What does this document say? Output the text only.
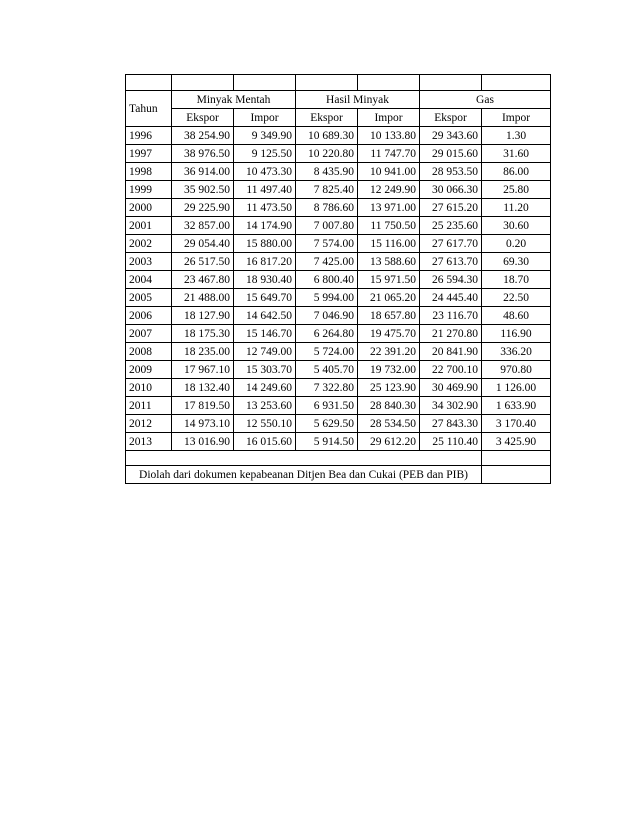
Tahun	Minyak Mentah		Hasil Minyak		Gas	
	Ekspor	Impor	Ekspor	Impor	Ekspor	Impor
1996	38 254.90	9 349.90	10 689.30	10 133.80	29 343.60	1.30
1997	38 976.50	9 125.50	10 220.80	11 747.70	29 015.60	31.60
1998	36 914.00	10 473.30	8 435.90	10 941.00	28 953.50	86.00
1999	35 902.50	11 497.40	7 825.40	12 249.90	30 066.30	25.80
2000	29 225.90	11 473.50	8 786.60	13 971.00	27 615.20	11.20
2001	32 857.00	14 174.90	7 007.80	11 750.50	25 235.60	30.60
2002	29 054.40	15 880.00	7 574.00	15 116.00	27 617.70	0.20
2003	26 517.50	16 817.20	7 425.00	13 588.60	27 613.70	69.30
2004	23 467.80	18 930.40	6 800.40	15 971.50	26 594.30	18.70
2005	21 488.00	15 649.70	5 994.00	21 065.20	24 445.40	22.50
2006	18 127.90	14 642.50	7 046.90	18 657.80	23 116.70	48.60
2007	18 175.30	15 146.70	6 264.80	19 475.70	21 270.80	116.90
2008	18 235.00	12 749.00	5 724.00	22 391.20	20 841.90	336.20
2009	17 967.10	15 303.70	5 405.70	19 732.00	22 700.10	970.80
2010	18 132.40	14 249.60	7 322.80	25 123.90	30 469.90	1 126.00
2011	17 819.50	13 253.60	6 931.50	28 840.30	34 302.90	1 633.90
2012	14 973.10	12 550.10	5 629.50	28 534.50	27 843.30	3 170.40
2013	13 016.90	16 015.60	5 914.50	29 612.20	25 110.40	3 425.90

Diolah dari dokumen kepabeanan Ditjen Bea dan Cukai (PEB dan PIB)						
